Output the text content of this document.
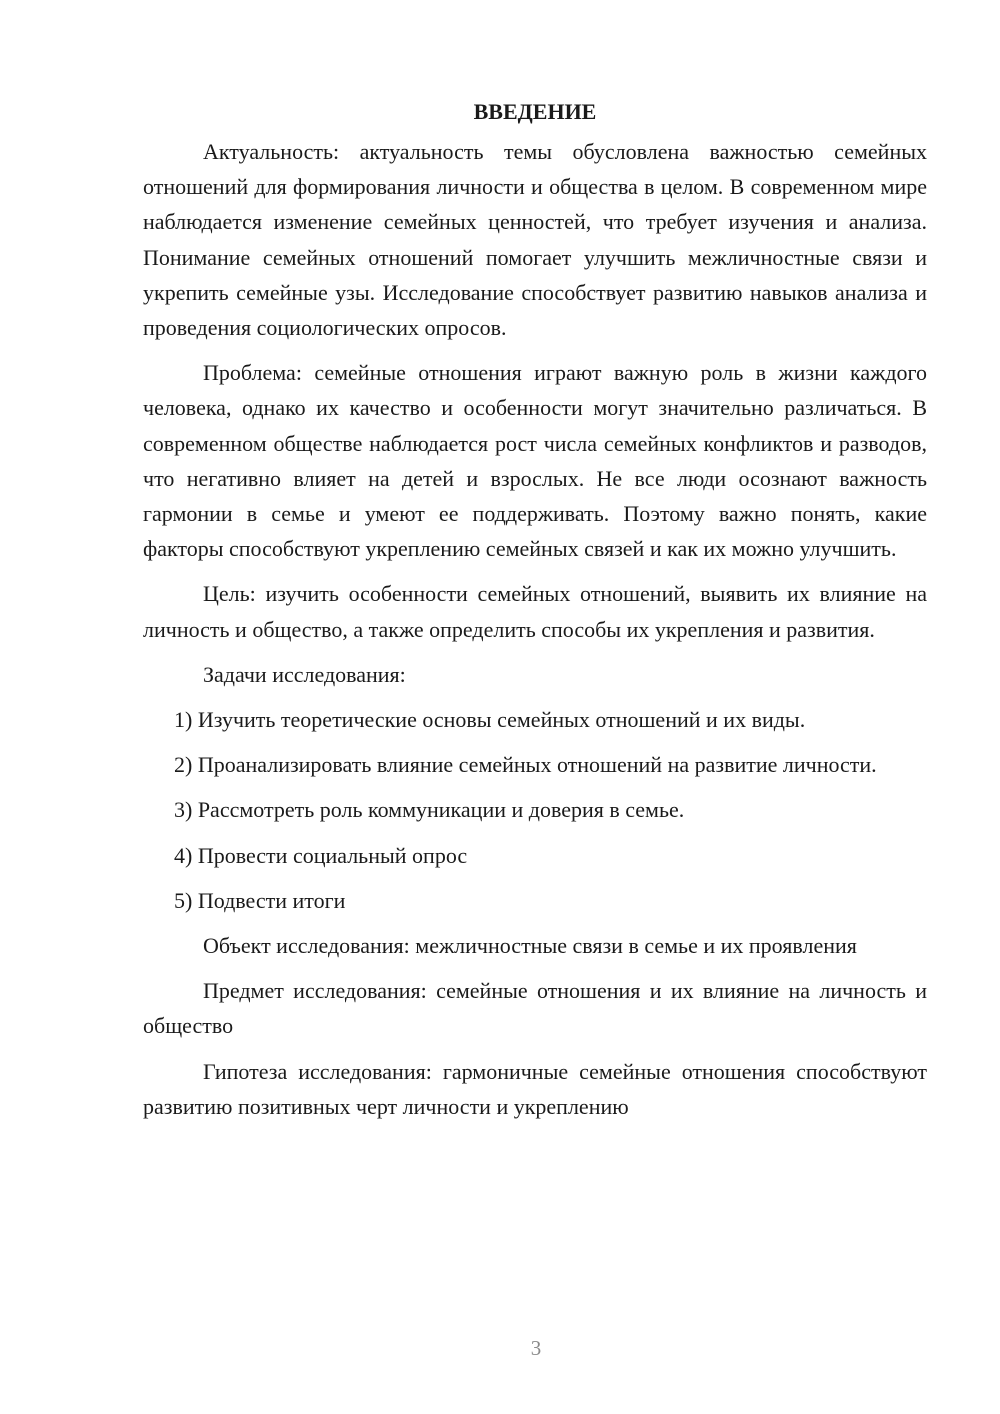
ВВЕДЕНИЕ

Актуальность: актуальность темы обусловлена важностью семейных отношений для формирования личности и общества в целом. В современном мире наблюдается изменение семейных ценностей, что требует изучения и анализа. Понимание семейных отношений помогает улучшить межличностные связи и укрепить семейные узы. Исследование способствует развитию навыков анализа и проведения социологических опросов.

Проблема: семейные отношения играют важную роль в жизни каждого человека, однако их качество и особенности могут значительно различаться. В современном обществе наблюдается рост числа семейных конфликтов и разводов, что негативно влияет на детей и взрослых. Не все люди осознают важность гармонии в семье и умеют ее поддерживать. Поэтому важно понять, какие факторы способствуют укреплению семейных связей и как их можно улучшить.

Цель: изучить особенности семейных отношений, выявить их влияние на личность и общество, а также определить способы их укрепления и развития.

Задачи исследования:

1) Изучить теоретические основы семейных отношений и их виды.

2) Проанализировать влияние семейных отношений на развитие личности.

3) Рассмотреть роль коммуникации и доверия в семье.

4) Провести социальный опрос

5) Подвести итоги

Объект исследования: межличностные связи в семье и их проявления

Предмет исследования: семейные отношения и их влияние на личность и общество

Гипотеза исследования: гармоничные семейные отношения способствуют развитию позитивных черт личности и укреплению

3
